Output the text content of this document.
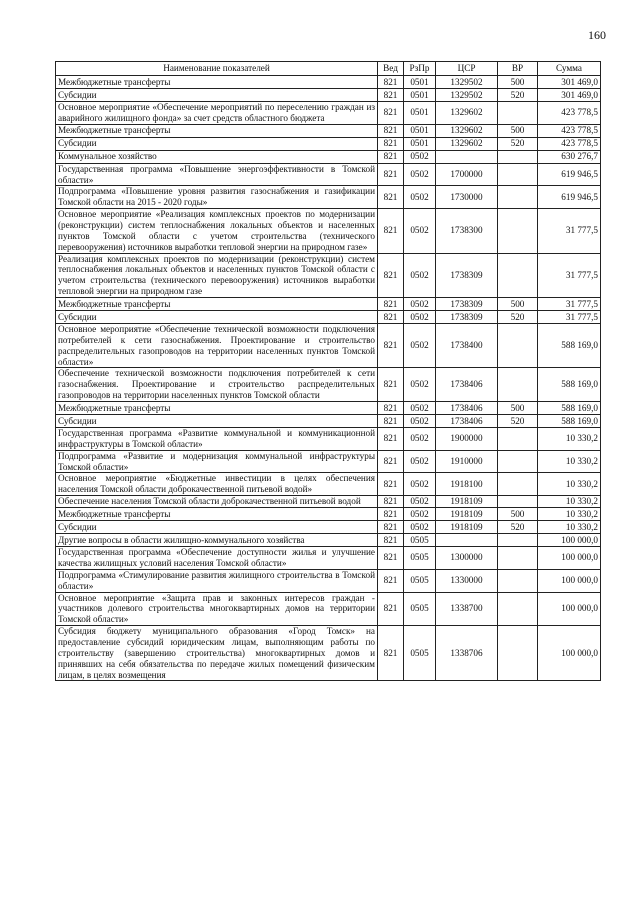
160
Наименование показателей	Вед	РзПр	ЦСР	ВР	Сумма
Межбюджетные трансферты	821	0501	1329502	500	301 469,0
Субсидии	821	0501	1329502	520	301 469,0
Основное мероприятие «Обеспечение мероприятий по переселению граждан из аварийного жилищного фонда» за счет средств областного бюджета	821	0501	1329602		423 778,5
Межбюджетные трансферты	821	0501	1329602	500	423 778,5
Субсидии	821	0501	1329602	520	423 778,5
Коммунальное хозяйство	821	0502			630 276,7
Государственная программа «Повышение энергоэффективности в Томской области»	821	0502	1700000		619 946,5
Подпрограмма «Повышение уровня развития газоснабжения и газификации Томской области на 2015 - 2020 годы»	821	0502	1730000		619 946,5
Основное мероприятие «Реализация комплексных проектов по модернизации (реконструкции) систем теплоснабжения локальных объектов и населенных пунктов Томской области с учетом строительства (технического перевооружения) источников выработки тепловой энергии на природном газе»	821	0502	1738300		31 777,5
Реализация комплексных проектов по модернизации (реконструкции) систем теплоснабжения локальных объектов и населенных пунктов Томской области с учетом строительства (технического перевооружения) источников выработки тепловой энергии на природном газе	821	0502	1738309		31 777,5
Межбюджетные трансферты	821	0502	1738309	500	31 777,5
Субсидии	821	0502	1738309	520	31 777,5
Основное мероприятие «Обеспечение технической возможности подключения потребителей к сети газоснабжения. Проектирование и строительство распределительных газопроводов на территории населенных пунктов Томской области»	821	0502	1738400		588 169,0
Обеспечение технической возможности подключения потребителей к сети газоснабжения. Проектирование и строительство распределительных газопроводов на территории населенных пунктов Томской области	821	0502	1738406		588 169,0
Межбюджетные трансферты	821	0502	1738406	500	588 169,0
Субсидии	821	0502	1738406	520	588 169,0
Государственная программа «Развитие коммунальной и коммуникационной инфраструктуры в Томской области»	821	0502	1900000		10 330,2
Подпрограмма «Развитие и модернизация коммунальной инфраструктуры Томской области»	821	0502	1910000		10 330,2
Основное мероприятие «Бюджетные инвестиции в целях обеспечения населения Томской области доброкачественной питьевой водой»	821	0502	1918100		10 330,2
Обеспечение населения Томской области доброкачественной питьевой водой	821	0502	1918109		10 330,2
Межбюджетные трансферты	821	0502	1918109	500	10 330,2
Субсидии	821	0502	1918109	520	10 330,2
Другие вопросы в области жилищно-коммунального хозяйства	821	0505			100 000,0
Государственная программа «Обеспечение доступности жилья и улучшение качества жилищных условий населения Томской области»	821	0505	1300000		100 000,0
Подпрограмма «Стимулирование развития жилищного строительства в Томской области»	821	0505	1330000		100 000,0
Основное мероприятие «Защита прав и законных интересов граждан - участников долевого строительства многоквартирных домов на территории Томской области»	821	0505	1338700		100 000,0
Субсидия бюджету муниципального образования «Город Томск» на предоставление субсидий юридическим лицам, выполняющим работы по строительству (завершению строительства) многоквартирных домов и принявших на себя обязательства по передаче жилых помещений физическим лицам, в целях возмещения	821	0505	1338706		100 000,0
